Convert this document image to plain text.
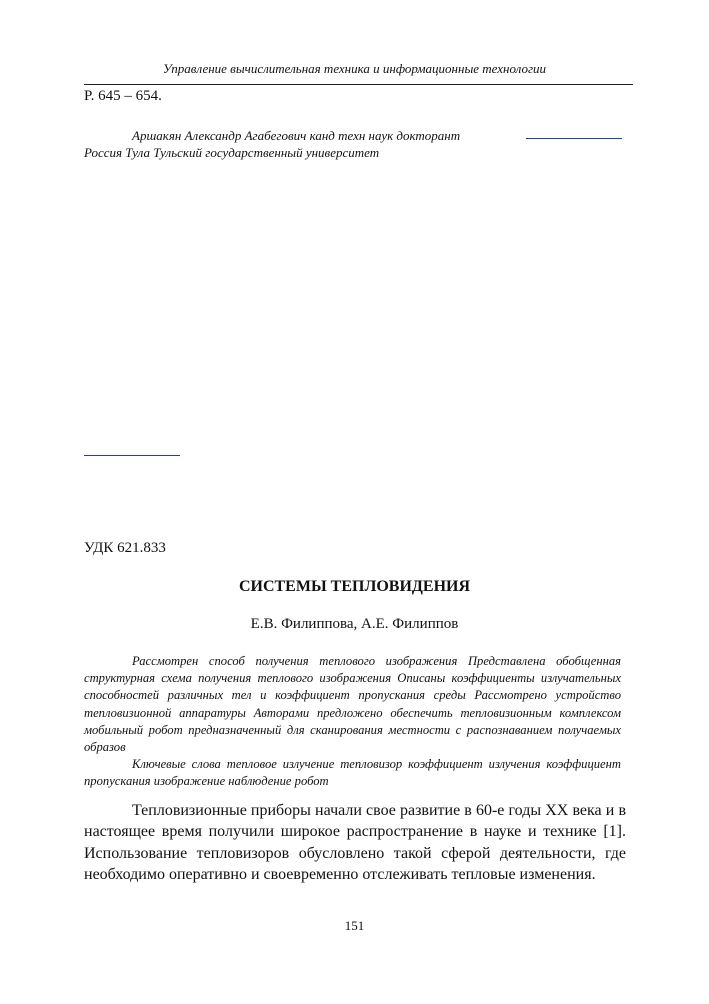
Управление вычислительная техника и информационные технологии
P. 645 – 654.
Аршакян Александр Агабегович канд техн наук докторант
Россия Тула Тульский государственный университет
УДК 621.833
СИСТЕМЫ ТЕПЛОВИДЕНИЯ
Е.В. Филиппова, А.Е. Филиппов

Рассмотрен способ получения теплового изображения Представлена обобщенная структурная схема получения теплового изображения Описаны коэффициенты излучательных способностей различных тел и коэффициент пропускания среды Рассмотрено устройство тепловизионной аппаратуры Авторами предложено обеспечить тепловизионным комплексом мобильный робот предназначенный для сканирования местности с распознаванием получаемых образов

Ключевые слова тепловое излучение тепловизор коэффициент излучения коэффициент пропускания изображение наблюдение робот

Тепловизионные приборы начали свое развитие в 60-е годы XX века и в настоящее время получили широкое распространение в науке и технике [1]. Использование тепловизоров обусловлено такой сферой деятельности, где необходимо оперативно и своевременно отслеживать тепловые изменения.

151
